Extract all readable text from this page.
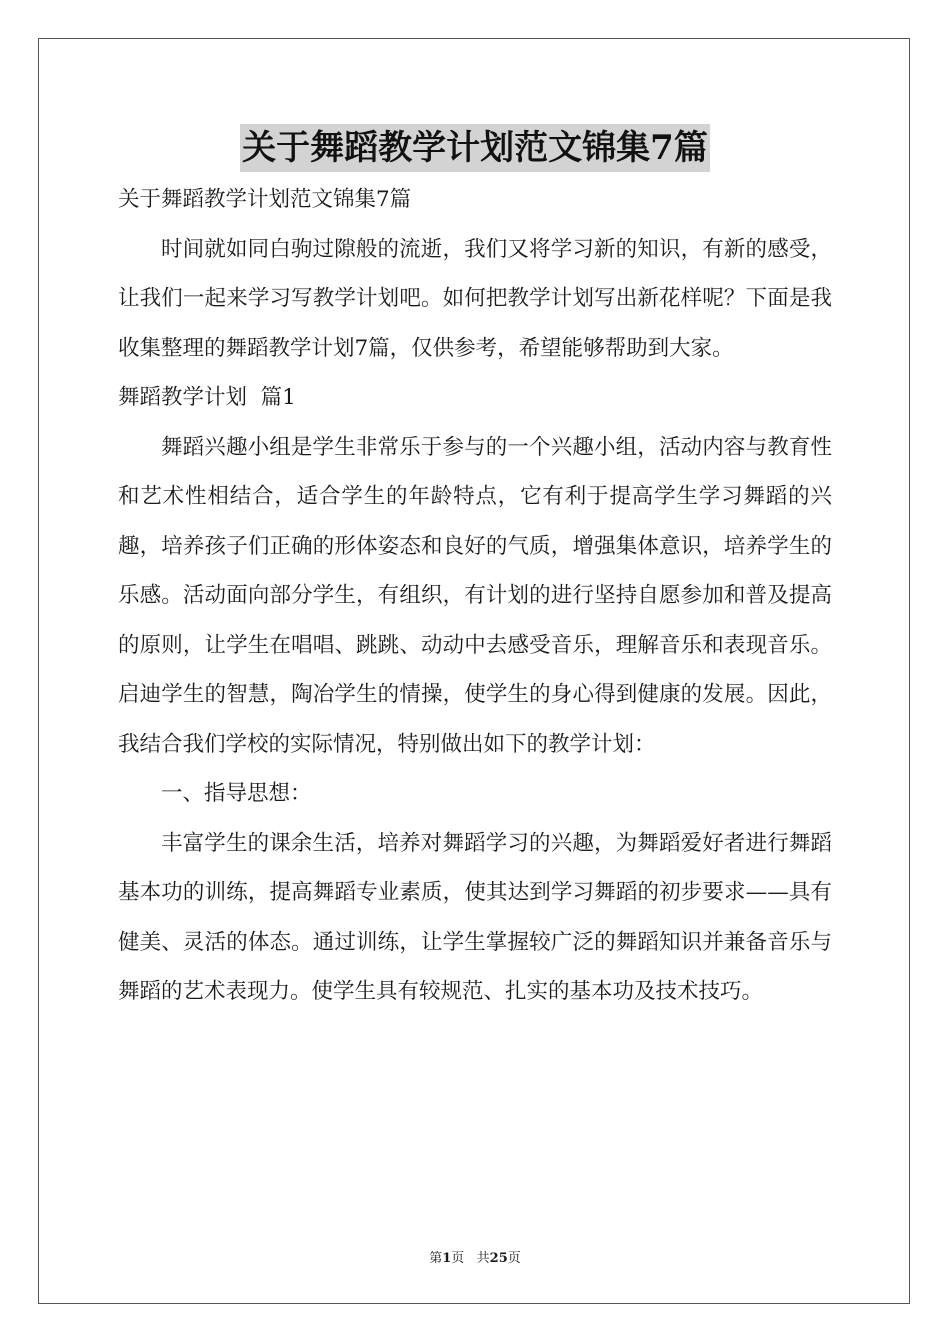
关于舞蹈教学计划范文锦集7篇

关于舞蹈教学计划范文锦集7篇

时间就如同白驹过隙般的流逝，我们又将学习新的知识，有新的感受，让我们一起来学习写教学计划吧。如何把教学计划写出新花样呢？下面是我收集整理的舞蹈教学计划7篇，仅供参考，希望能够帮助到大家。

舞蹈教学计划  篇1

舞蹈兴趣小组是学生非常乐于参与的一个兴趣小组，活动内容与教育性和艺术性相结合，适合学生的年龄特点，它有利于提高学生学习舞蹈的兴趣，培养孩子们正确的形体姿态和良好的气质，增强集体意识，培养学生的乐感。活动面向部分学生，有组织，有计划的进行坚持自愿参加和普及提高的原则，让学生在唱唱、跳跳、动动中去感受音乐，理解音乐和表现音乐。启迪学生的智慧，陶冶学生的情操，使学生的身心得到健康的发展。因此，我结合我们学校的实际情况，特别做出如下的教学计划：

一、指导思想：

丰富学生的课余生活，培养对舞蹈学习的兴趣，为舞蹈爱好者进行舞蹈基本功的训练，提高舞蹈专业素质，使其达到学习舞蹈的初步要求——具有健美、灵活的体态。通过训练，让学生掌握较广泛的舞蹈知识并兼备音乐与舞蹈的艺术表现力。使学生具有较规范、扎实的基本功及技术技巧。

第1页   共25页
